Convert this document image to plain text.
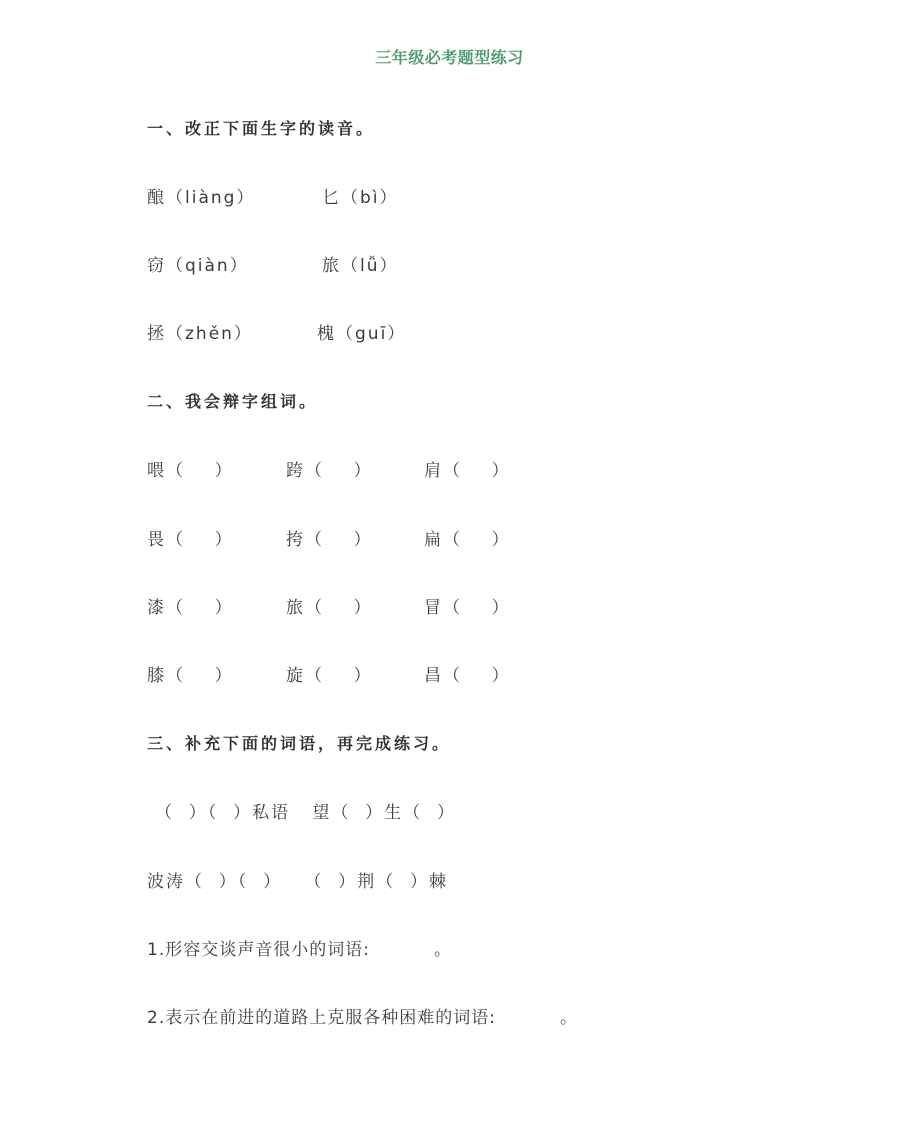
三年级必考题型练习
一、改正下面生字的读音。
酿（liàng）	匕（bì）
窃（qiàn）	旅（lǚ）
拯（zhěn）	槐（guī）
二、我会辩字组词。
喂（    ）	跨（    ）	肩（    ）
畏（    ）	挎（    ）	扁（    ）
漆（    ）	旅（    ）	冒（    ）
膝（    ）	旋（    ）	昌（    ）
三、补充下面的词语，再完成练习。
（  ）（  ）私语   望（  ）生（  ）
波涛（  ）（  ）   （  ）荆（  ）棘
1.形容交谈声音很小的词语:          。
2.表示在前进的道路上克服各种困难的词语:          。
